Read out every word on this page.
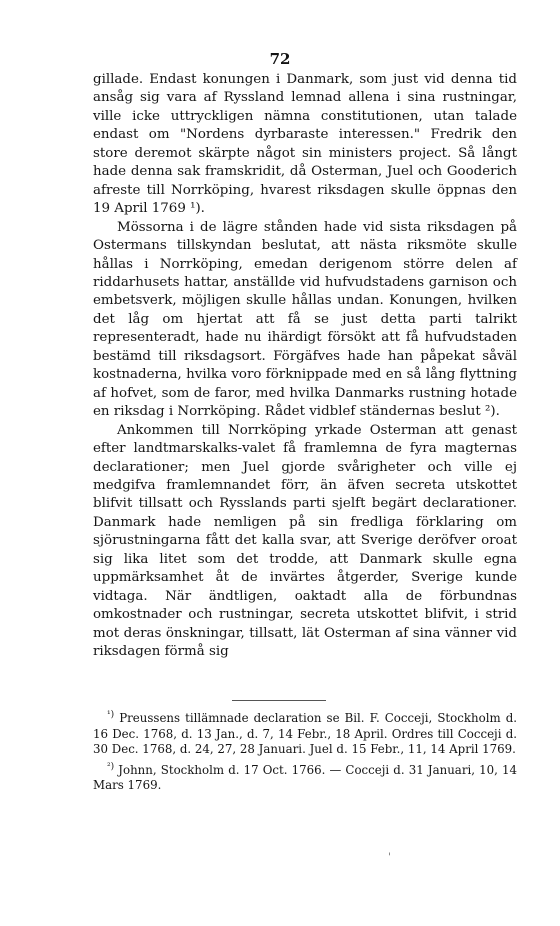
72

gillade. Endast konungen i Danmark, som just vid denna tid ansåg sig vara af Ryssland lemnad allena i sina rustningar, ville icke uttryckligen nämna constitutionen, utan talade endast om "Nordens dyrbaraste interessen." Fredrik den store deremot skärpte något sin ministers project. Så långt hade denna sak framskridit, då Osterman, Juel och Gooderich afreste till Norrköping, hvarest riksdagen skulle öppnas den 19 April 1769 ¹).

Mössorna i de lägre stånden hade vid sista riksdagen på Ostermans tillskyndan beslutat, att nästa riksmöte skulle hållas i Norrköping, emedan derigenom större delen af riddarhusets hattar, anställde vid hufvudstadens garnison och embetsverk, möjligen skulle hållas undan. Konungen, hvilken det låg om hjertat att få se just detta parti talrikt representeradt, hade nu ihärdigt försökt att få hufvudstaden bestämd till riksdagsort. Förgäfves hade han påpekat såväl kostnaderna, hvilka voro förknippade med en så lång flyttning af hofvet, som de faror, med hvilka Danmarks rustning hotade en riksdag i Norrköping. Rådet vidblef ständernas beslut ²).

Ankommen till Norrköping yrkade Osterman att genast efter landtmarskalks-valet få framlemna de fyra magternas declarationer; men Juel gjorde svårigheter och ville ej medgifva framlemnandet förr, än äfven secreta utskottet blifvit tillsatt och Rysslands parti sjelft begärt declarationer. Danmark hade nemligen på sin fredliga förklaring om sjörustningarna fått det kalla svar, att Sverige deröfver oroat sig lika litet som det trodde, att Danmark skulle egna uppmärksamhet åt de invärtes åtgerder, Sverige kunde vidtaga. När ändtligen, oaktadt alla de förbundnas omkostnader och rustningar, secreta utskottet blifvit, i strid mot deras önskningar, tillsatt, lät Osterman af sina vänner vid riksdagen förmå sig

$^{^1)}$ Preussens tillämnade declaration se Bil. F. Cocceji, Stockholm d. 16 Dec. 1768, d. 13 Jan., d. 7, 14 Febr., 18 April. Ordres till Cocceji d. 30 Dec. 1768, d. 24, 27, 28 Januari. Juel d. 15 Febr., 11, 14 April 1769.

$^{^2)}$ Johnn, Stockholm d. 17 Oct. 1766. — Cocceji d. 31 Januari, 10, 14 Mars 1769.

'
